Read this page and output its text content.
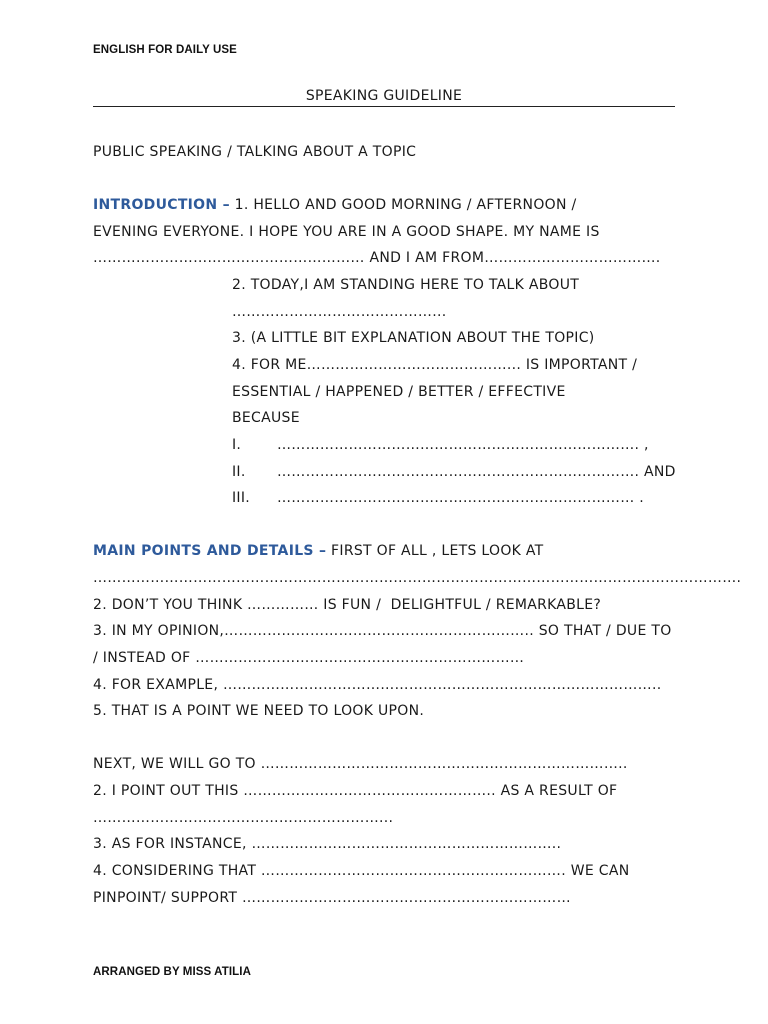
ENGLISH FOR DAILY USE
SPEAKING GUIDELINE
PUBLIC SPEAKING / TALKING ABOUT A TOPIC
INTRODUCTION – 1. HELLO AND GOOD MORNING / AFTERNOON /
EVENING EVERYONE. I HOPE YOU ARE IN A GOOD SHAPE. MY NAME IS
………………………………………………… AND I AM FROM……………………………….
2. TODAY,I AM STANDING HERE TO TALK ABOUT
……………………………………...
3. (A LITTLE BIT EXPLANATION ABOUT THE TOPIC)
4. FOR ME……………………………………... IS IMPORTANT /
ESSENTIAL / HAPPENED / BETTER / EFFECTIVE
BECAUSE
I.	…………………………………………………………………. ,
II. …………………………………………………………………. AND
III. ………………………………………………………………… .
MAIN POINTS AND DETAILS – FIRST OF ALL , LETS LOOK AT
……………………………………………………………………………………………………………………….
2. DON’T YOU THINK …………… IS FUN /  DELIGHTFUL / REMARKABLE?
3. IN MY OPINION,……………………………………………………….. SO THAT / DUE TO
/ INSTEAD OF ……………………………………………………………
4. FOR EXAMPLE, ………………………………………………………………………………..
5. THAT IS A POINT WE NEED TO LOOK UPON.
NEXT, WE WILL GO TO …………………………………………………………………..
2. I POINT OUT THIS …………………………………………….. AS A RESULT OF
……………………………………………………...
3. AS FOR INSTANCE, ………………………………………………………..
4. CONSIDERING THAT ………………………………………………………. WE CAN
PINPOINT/ SUPPORT ……………………………………………………………
ARRANGED BY MISS ATILIA
